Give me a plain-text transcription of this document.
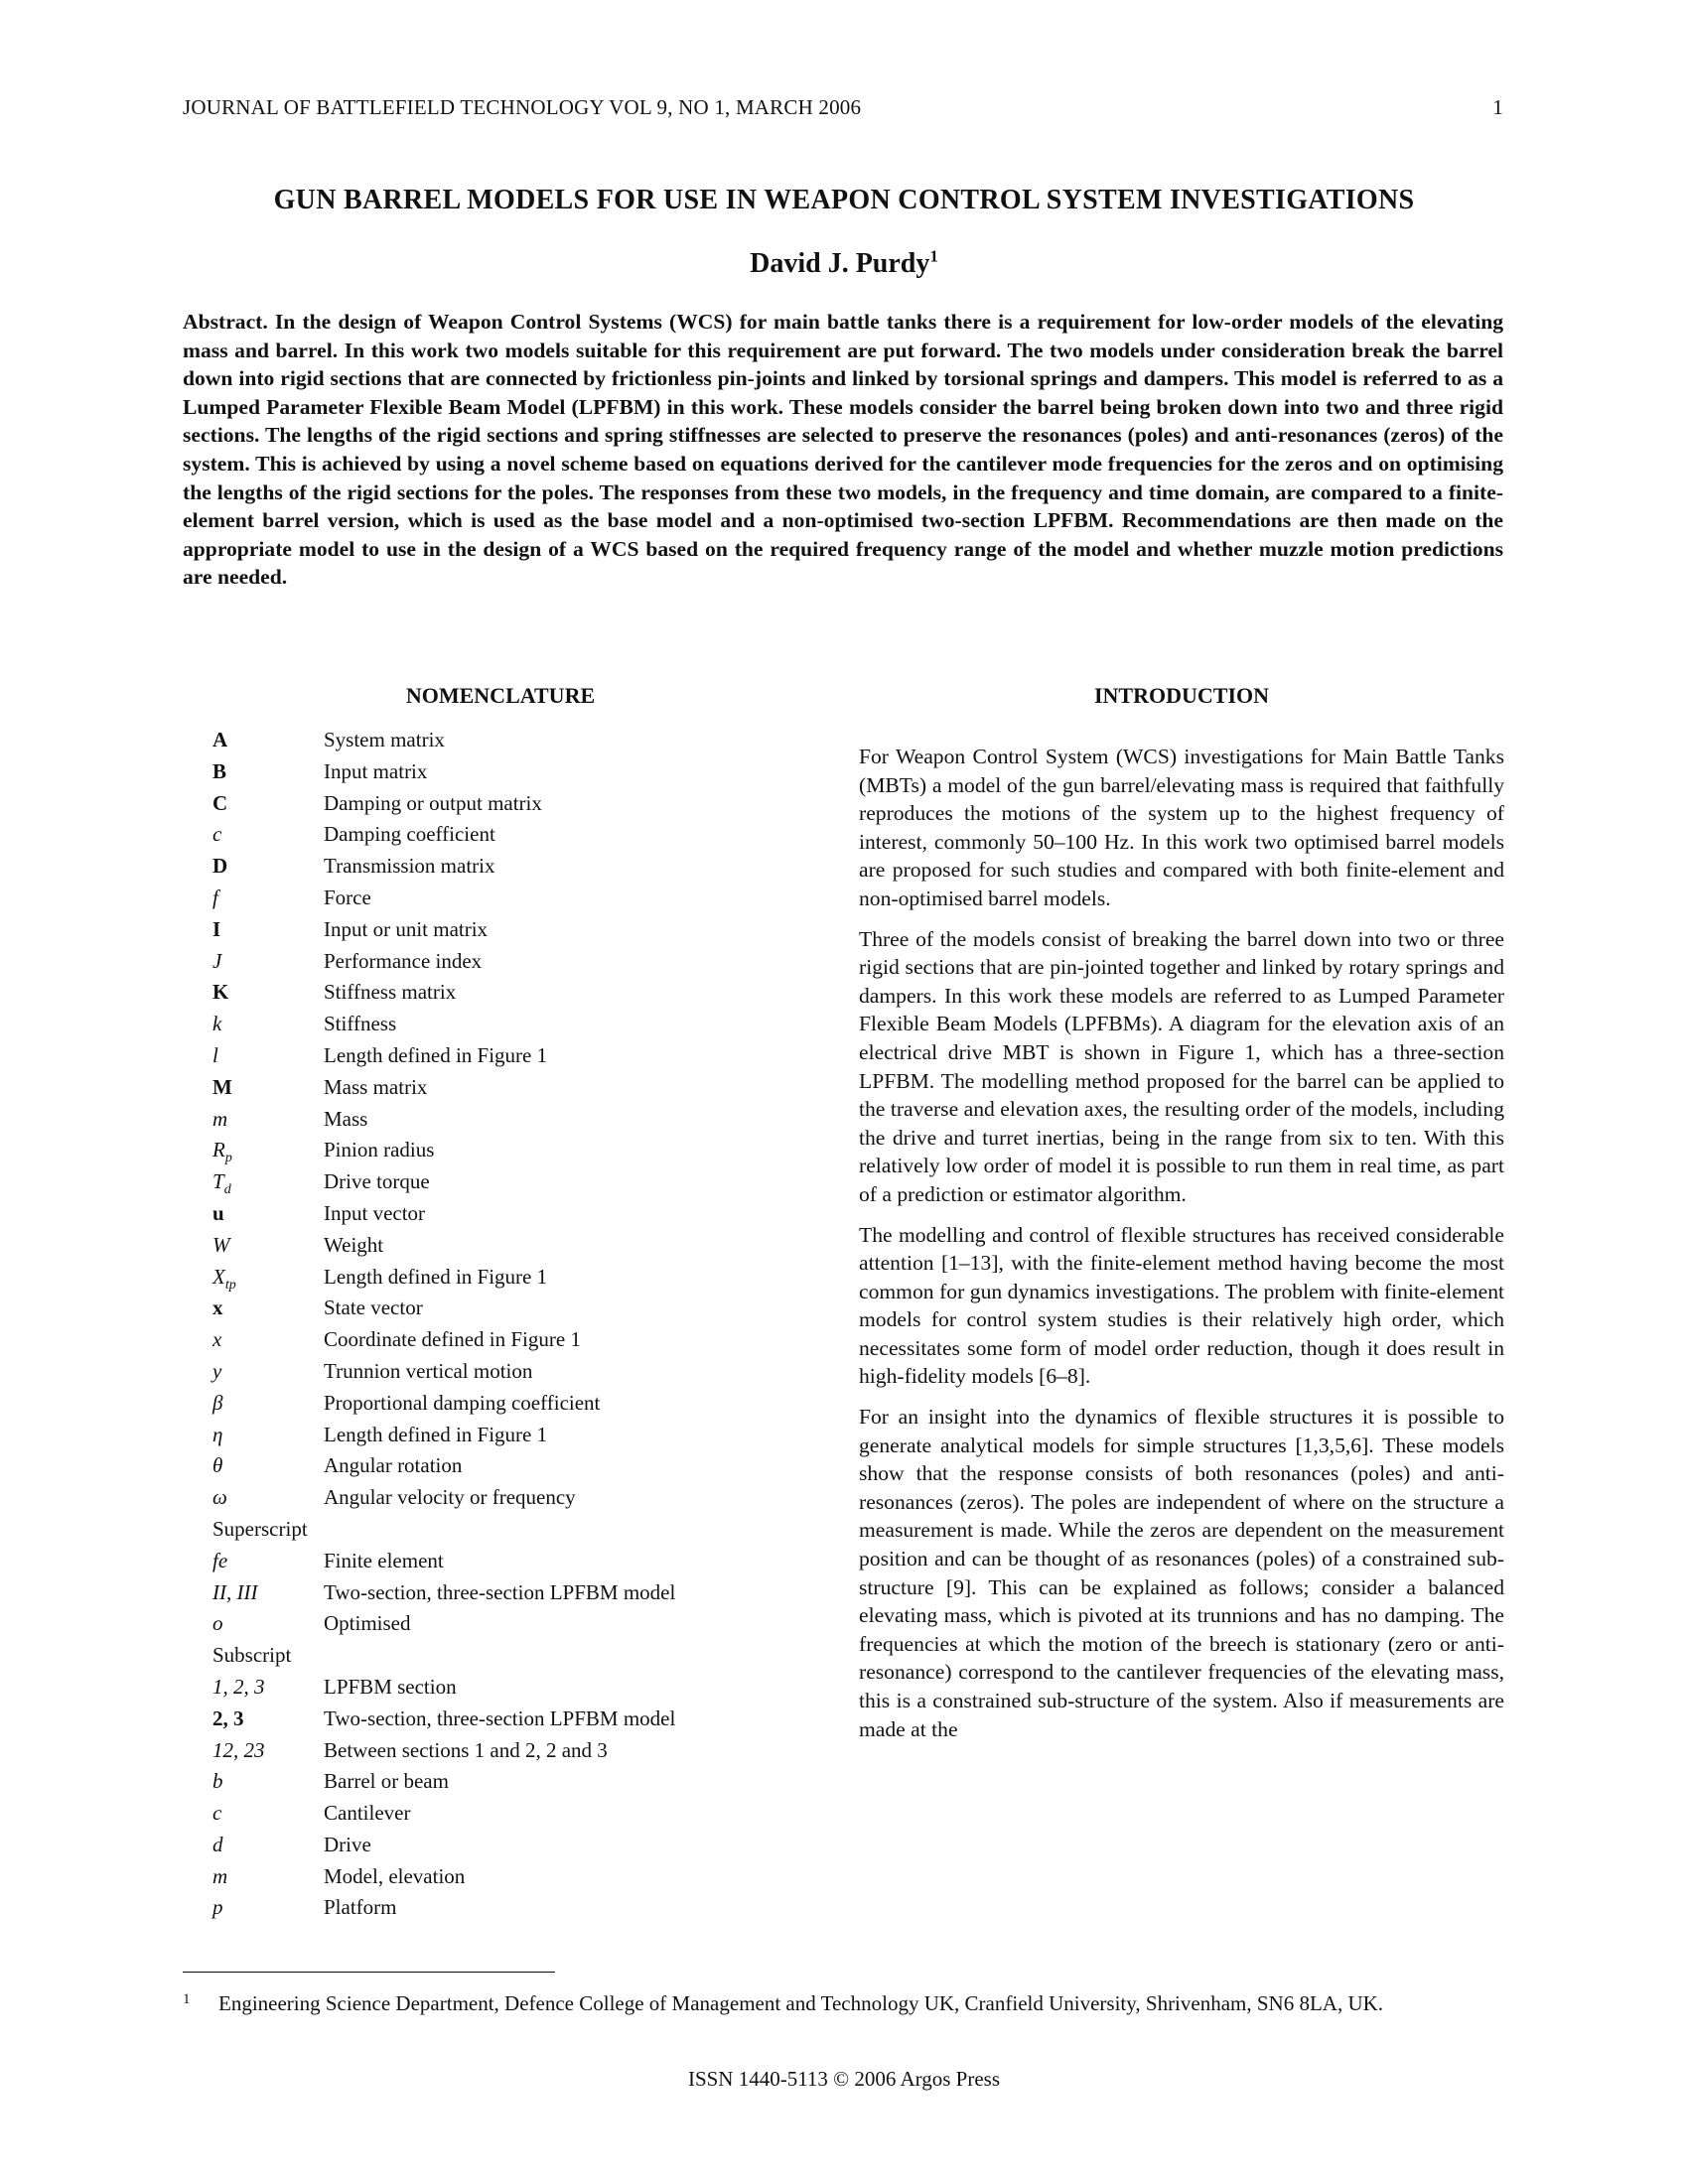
JOURNAL OF BATTLEFIELD TECHNOLOGY VOL 9, NO 1, MARCH 2006	1
GUN BARREL MODELS FOR USE IN WEAPON CONTROL SYSTEM INVESTIGATIONS
David J. Purdy$^1$
Abstract. In the design of Weapon Control Systems (WCS) for main battle tanks there is a requirement for low-order models of the elevating mass and barrel. In this work two models suitable for this requirement are put forward. The two models under consideration break the barrel down into rigid sections that are connected by frictionless pin-joints and linked by torsional springs and dampers. This model is referred to as a Lumped Parameter Flexible Beam Model (LPFBM) in this work. These models consider the barrel being broken down into two and three rigid sections. The lengths of the rigid sections and spring stiffnesses are selected to preserve the resonances (poles) and anti-resonances (zeros) of the system. This is achieved by using a novel scheme based on equations derived for the cantilever mode frequencies for the zeros and on optimising the lengths of the rigid sections for the poles. The responses from these two models, in the frequency and time domain, are compared to a finite-element barrel version, which is used as the base model and a non-optimised two-section LPFBM. Recommendations are then made on the appropriate model to use in the design of a WCS based on the required frequency range of the model and whether muzzle motion predictions are needed.
NOMENCLATURE
A	System matrix
B	Input matrix
C	Damping or output matrix
c	Damping coefficient
D	Transmission matrix
f	Force
I	Input or unit matrix
J	Performance index
K	Stiffness matrix
k	Stiffness
l	Length defined in Figure 1
M	Mass matrix
m	Mass
$R_p$	Pinion radius
$T_d$	Drive torque
u	Input vector
W	Weight
$X_{tp}$	Length defined in Figure 1
x	State vector
x	Coordinate defined in Figure 1
y	Trunnion vertical motion
β	Proportional damping coefficient
η	Length defined in Figure 1
θ	Angular rotation
ω	Angular velocity or frequency
Superscript
fe	Finite element
II, III	Two-section, three-section LPFBM model
o	Optimised
Subscript
1, 2, 3	LPFBM section
2, 3	Two-section, three-section LPFBM model
12, 23	Between sections 1 and 2, 2 and 3
b	Barrel or beam
c	Cantilever
d	Drive
m	Model, elevation
p	Platform
INTRODUCTION

For Weapon Control System (WCS) investigations for Main Battle Tanks (MBTs) a model of the gun barrel/elevating mass is required that faithfully reproduces the motions of the system up to the highest frequency of interest, commonly 50–100 Hz. In this work two optimised barrel models are proposed for such studies and compared with both finite-element and non-optimised barrel models.

Three of the models consist of breaking the barrel down into two or three rigid sections that are pin-jointed together and linked by rotary springs and dampers. In this work these models are referred to as Lumped Parameter Flexible Beam Models (LPFBMs). A diagram for the elevation axis of an electrical drive MBT is shown in Figure 1, which has a three-section LPFBM. The modelling method proposed for the barrel can be applied to the traverse and elevation axes, the resulting order of the models, including the drive and turret inertias, being in the range from six to ten. With this relatively low order of model it is possible to run them in real time, as part of a prediction or estimator algorithm.

The modelling and control of flexible structures has received considerable attention [1–13], with the finite-element method having become the most common for gun dynamics investigations. The problem with finite-element models for control system studies is their relatively high order, which necessitates some form of model order reduction, though it does result in high-fidelity models [6–8].

For an insight into the dynamics of flexible structures it is possible to generate analytical models for simple structures [1,3,5,6]. These models show that the response consists of both resonances (poles) and anti-resonances (zeros). The poles are independent of where on the structure a measurement is made. While the zeros are dependent on the measurement position and can be thought of as resonances (poles) of a constrained sub-structure [9]. This can be explained as follows; consider a balanced elevating mass, which is pivoted at its trunnions and has no damping. The frequencies at which the motion of the breech is stationary (zero or anti-resonance) correspond to the cantilever frequencies of the elevating mass, this is a constrained sub-structure of the system. Also if measurements are made at the

1 Engineering Science Department, Defence College of Management and Technology UK, Cranfield University, Shrivenham, SN6 8LA, UK.
ISSN 1440-5113 © 2006 Argos Press
